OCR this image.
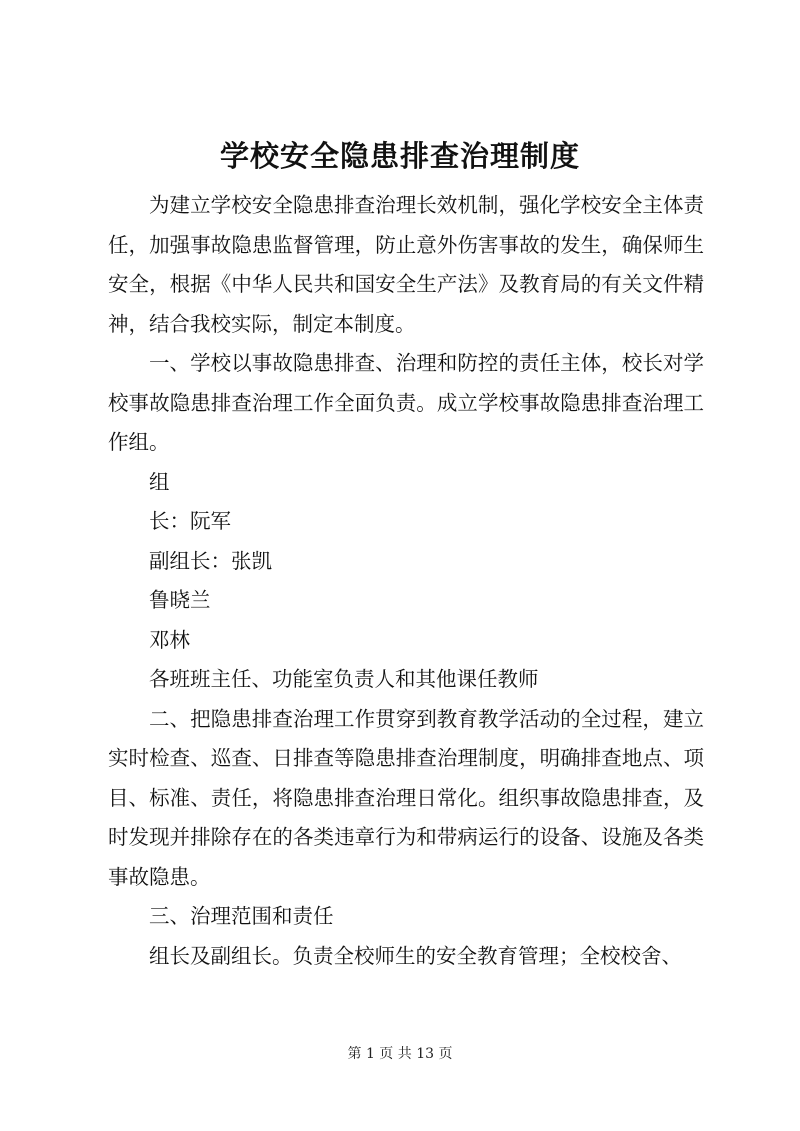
学校安全隐患排查治理制度

为建立学校安全隐患排查治理长效机制，强化学校安全主体责任，加强事故隐患监督管理，防止意外伤害事故的发生，确保师生安全，根据《中华人民共和国安全生产法》及教育局的有关文件精神，结合我校实际，制定本制度。

一、学校以事故隐患排查、治理和防控的责任主体，校长对学校事故隐患排查治理工作全面负责。成立学校事故隐患排查治理工作组。

组

长：阮军

副组长：张凯

鲁晓兰

邓林

各班班主任、功能室负责人和其他课任教师

二、把隐患排查治理工作贯穿到教育教学活动的全过程，建立实时检查、巡查、日排查等隐患排查治理制度，明确排查地点、项目、标准、责任，将隐患排查治理日常化。组织事故隐患排查，及时发现并排除存在的各类违章行为和带病运行的设备、设施及各类事故隐患。

三、治理范围和责任

组长及副组长。负责全校师生的安全教育管理；全校校舍、

第 1 页 共 13 页
